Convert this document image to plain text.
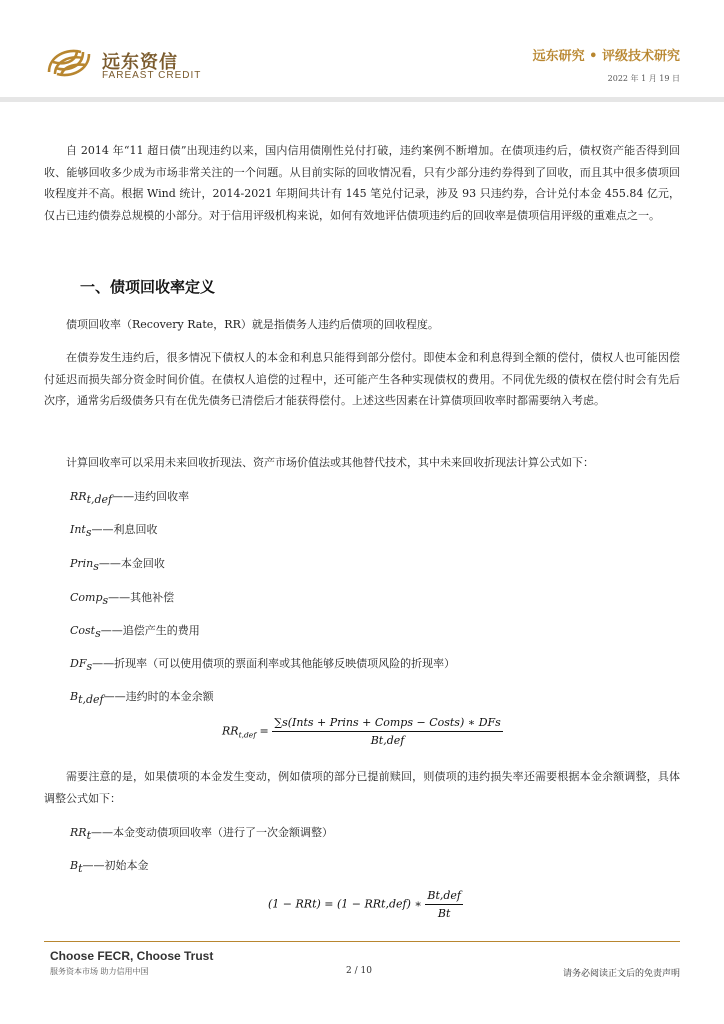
远东资信
FAREAST CREDIT
远东研究 • 评级技术研究
2022 年 1 月 19 日
自 2014 年“11 超日债”出现违约以来，国内信用债刚性兑付打破，违约案例不断增加。在债项违约后，债权资产能否得到回收、能够回收多少成为市场非常关注的一个问题。从目前实际的回收情况看，只有少部分违约券得到了回收，而且其中很多债项回收程度并不高。根据 Wind 统计，2014-2021 年期间共计有 145 笔兑付记录，涉及 93 只违约券，合计兑付本金 455.84 亿元，仅占已违约债券总规模的小部分。对于信用评级机构来说，如何有效地评估债项违约后的回收率是债项信用评级的重难点之一。
一、债项回收率定义
债项回收率（Recovery Rate，RR）就是指债务人违约后债项的回收程度。
在债券发生违约后，很多情况下债权人的本金和利息只能得到部分偿付。即使本金和利息得到全额的偿付，债权人也可能因偿付延迟而损失部分资金时间价值。在债权人追偿的过程中，还可能产生各种实现债权的费用。不同优先级的债权在偿付时会有先后次序，通常劣后级债务只有在优先债务已清偿后才能获得偿付。上述这些因素在计算债项回收率时都需要纳入考虑。
计算回收率可以采用未来回收折现法、资产市场价值法或其他替代技术，其中未来回收折现法计算公式如下：
$RR_{t,def}——$违约回收率
Int$_s$——利息回收
Prin$_s$——本金回收
Comp$_s$——其他补偿
Cost$_s$——追偿产生的费用
$DF_s——$折现率（可以使用债项的票面利率或其他能够反映债项风险的折现率）
$B_{t,def}——$违约时的本金余额
$RR_{t,def} = \frac{\text{∑s(Ints + Prins + Comps − Costs) ∗ DFs}}{\text{Bt,def}}$
需要注意的是，如果债项的本金发生变动，例如债项的部分已提前赎回，则债项的违约损失率还需要根据本金余额调整，具体调整公式如下：
$RR_t——$本金变动债项回收率（进行了一次金额调整）
$B_t——$初始本金
(1 − RRt) = (1 − RRt,def) ∗ $\frac{\text{Bt,def}}{Bt}$
Choose FECR, Choose Trust
服务资本市场 助力信用中国	2 / 10	请务必阅读正文后的免责声明
